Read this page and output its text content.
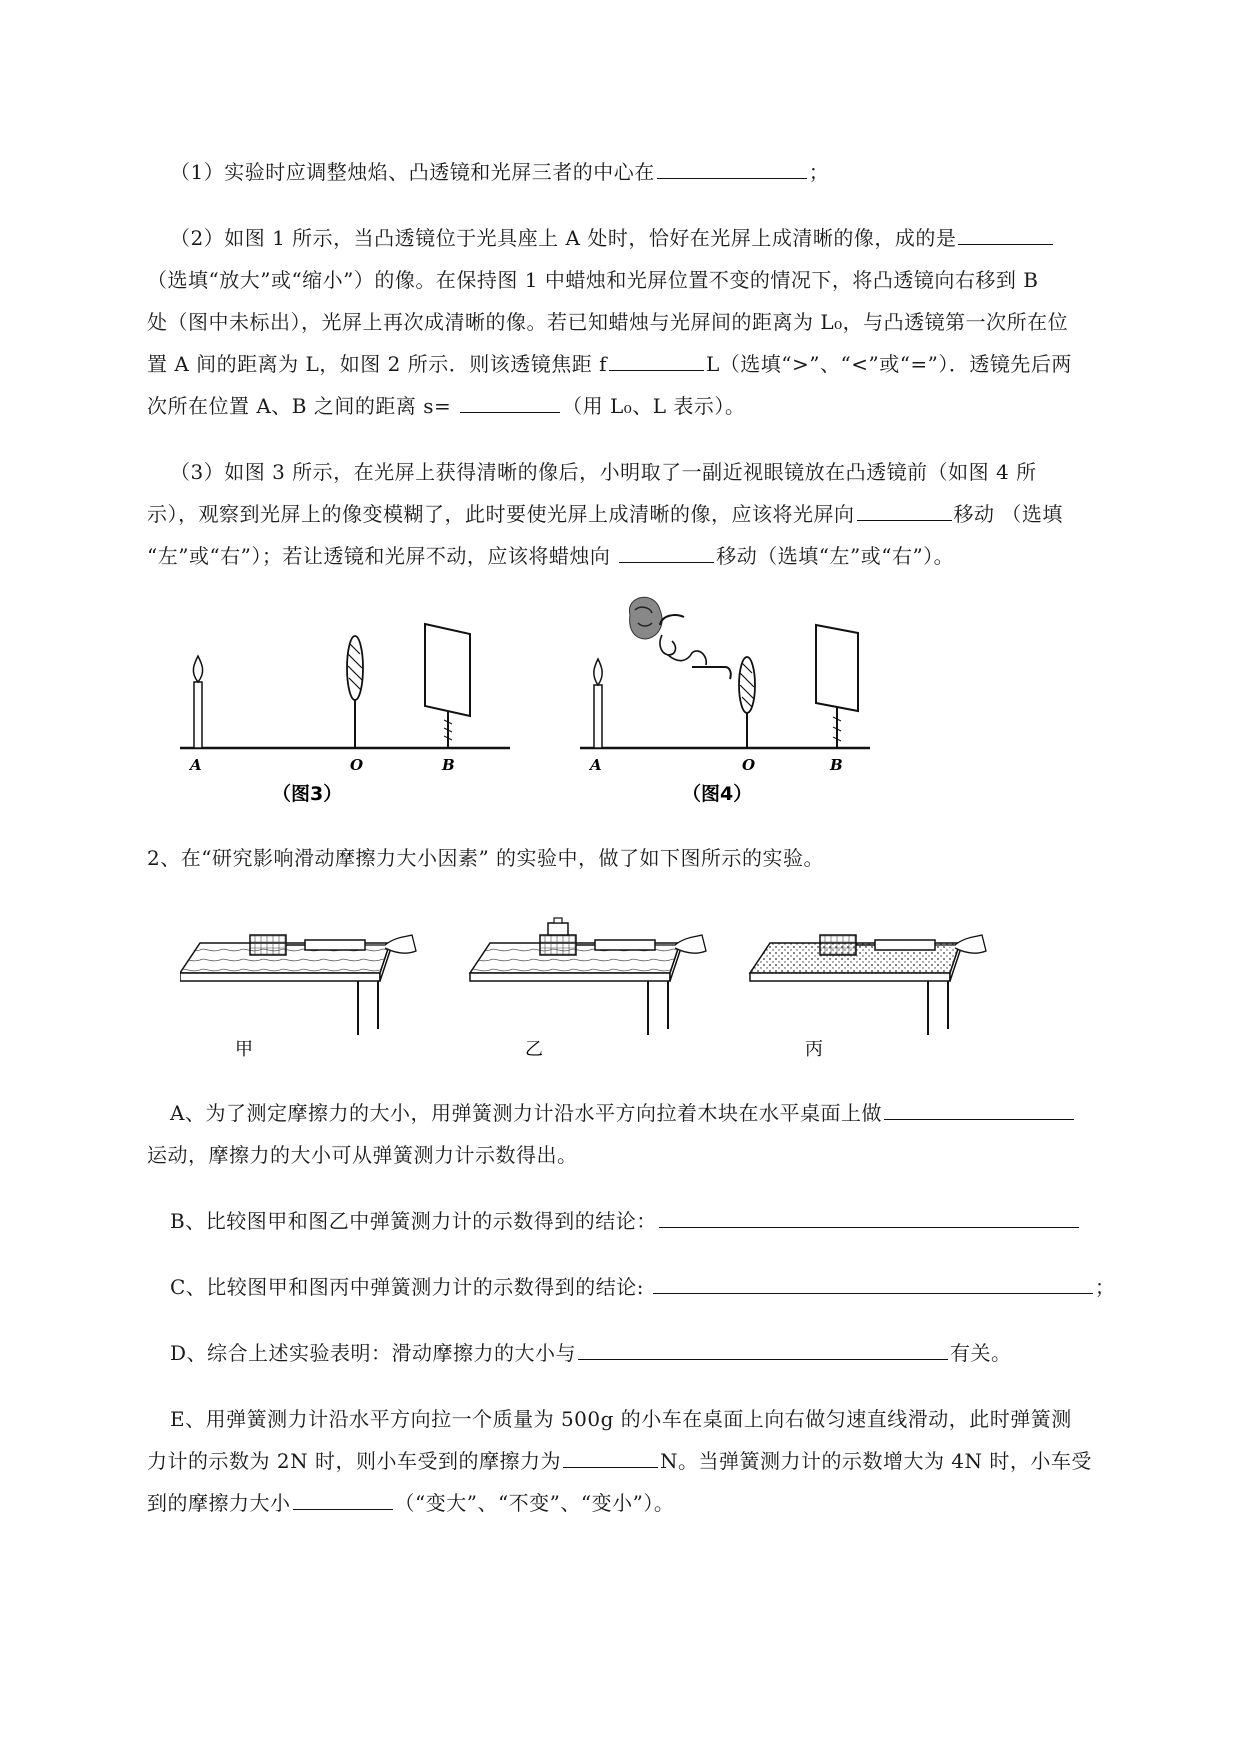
（1）实验时应调整烛焰、凸透镜和光屏三者的中心在	；
（2）如图 1 所示，当凸透镜位于光具座上 A 处时，恰好在光屏上成清晰的像，成的是
（选填“放大”或“缩小”）的像。在保持图 1 中蜡烛和光屏位置不变的情况下，将凸透镜向右移到 B
处（图中未标出），光屏上再次成清晰的像。若已知蜡烛与光屏间的距离为 L₀，与凸透镜第一次所在位
置 A 间的距离为 L，如图 2 所示．则该透镜焦距 f	L（选填“>”、“<”或“=”）．透镜先后两
次所在位置 A、B 之间的距离 s=	（用 L₀、L 表示）。
（3）如图 3 所示，在光屏上获得清晰的像后，小明取了一副近视眼镜放在凸透镜前（如图 4 所
示），观察到光屏上的像变模糊了，此时要使光屏上成清晰的像，应该将光屏向	移动 （选填
“左”或“右”）；若让透镜和光屏不动，应该将蜡烛向	移动（选填“左”或“右”）。
A	O	B
（图3）
A	O	B
（图4）
2、在“研究影响滑动摩擦力大小因素” 的实验中，做了如下图所示的实验。
甲	乙	丙
A、为了测定摩擦力的大小，用弹簧测力计沿水平方向拉着木块在水平桌面上做
运动，摩擦力的大小可从弹簧测力计示数得出。
B、比较图甲和图乙中弹簧测力计的示数得到的结论：
C、比较图甲和图丙中弹簧测力计的示数得到的结论:	；
D、综合上述实验表明：滑动摩擦力的大小与	有关。
E、用弹簧测力计沿水平方向拉一个质量为 500g 的小车在桌面上向右做匀速直线滑动，此时弹簧测
力计的示数为 2N 时，则小车受到的摩擦力为	N。当弹簧测力计的示数增大为 4N 时，小车受
到的摩擦力大小	（“变大”、“不变”、“变小”）。
